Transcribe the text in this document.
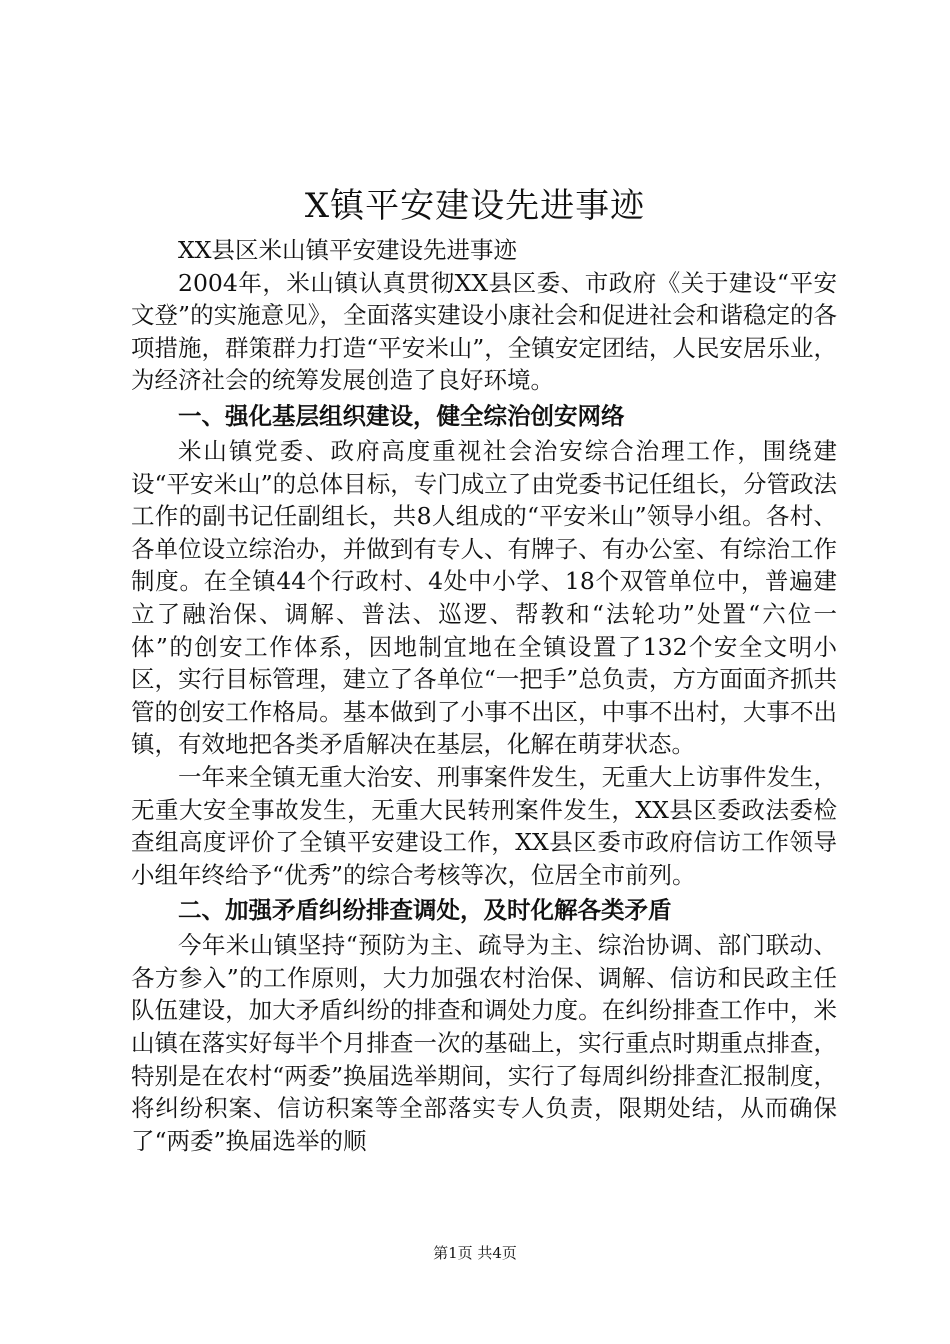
X镇平安建设先进事迹

XX县区米山镇平安建设先进事迹

2004年，米山镇认真贯彻XX县区委、市政府《关于建设“平安文登”的实施意见》，全面落实建设小康社会和促进社会和谐稳定的各项措施，群策群力打造“平安米山”，全镇安定团结，人民安居乐业，为经济社会的统筹发展创造了良好环境。

一、强化基层组织建设，健全综治创安网络

米山镇党委、政府高度重视社会治安综合治理工作，围绕建设“平安米山”的总体目标，专门成立了由党委书记任组长，分管政法工作的副书记任副组长，共8人组成的“平安米山”领导小组。各村、各单位设立综治办，并做到有专人、有牌子、有办公室、有综治工作制度。在全镇44个行政村、4处中小学、18个双管单位中，普遍建立了融治保、调解、普法、巡逻、帮教和“法轮功”处置“六位一体”的创安工作体系，因地制宜地在全镇设置了132个安全文明小区，实行目标管理，建立了各单位“一把手”总负责，方方面面齐抓共管的创安工作格局。基本做到了小事不出区，中事不出村，大事不出镇，有效地把各类矛盾解决在基层，化解在萌芽状态。

一年来全镇无重大治安、刑事案件发生，无重大上访事件发生，无重大安全事故发生，无重大民转刑案件发生，XX县区委政法委检查组高度评价了全镇平安建设工作，XX县区委市政府信访工作领导小组年终给予“优秀”的综合考核等次，位居全市前列。

二、加强矛盾纠纷排查调处，及时化解各类矛盾

今年米山镇坚持“预防为主、疏导为主、综治协调、部门联动、各方参入”的工作原则，大力加强农村治保、调解、信访和民政主任队伍建设，加大矛盾纠纷的排查和调处力度。在纠纷排查工作中，米山镇在落实好每半个月排查一次的基础上，实行重点时期重点排查，特别是在农村“两委”换届选举期间，实行了每周纠纷排查汇报制度，将纠纷积案、信访积案等全部落实专人负责，限期处结，从而确保了“两委”换届选举的顺

第1页 共4页
